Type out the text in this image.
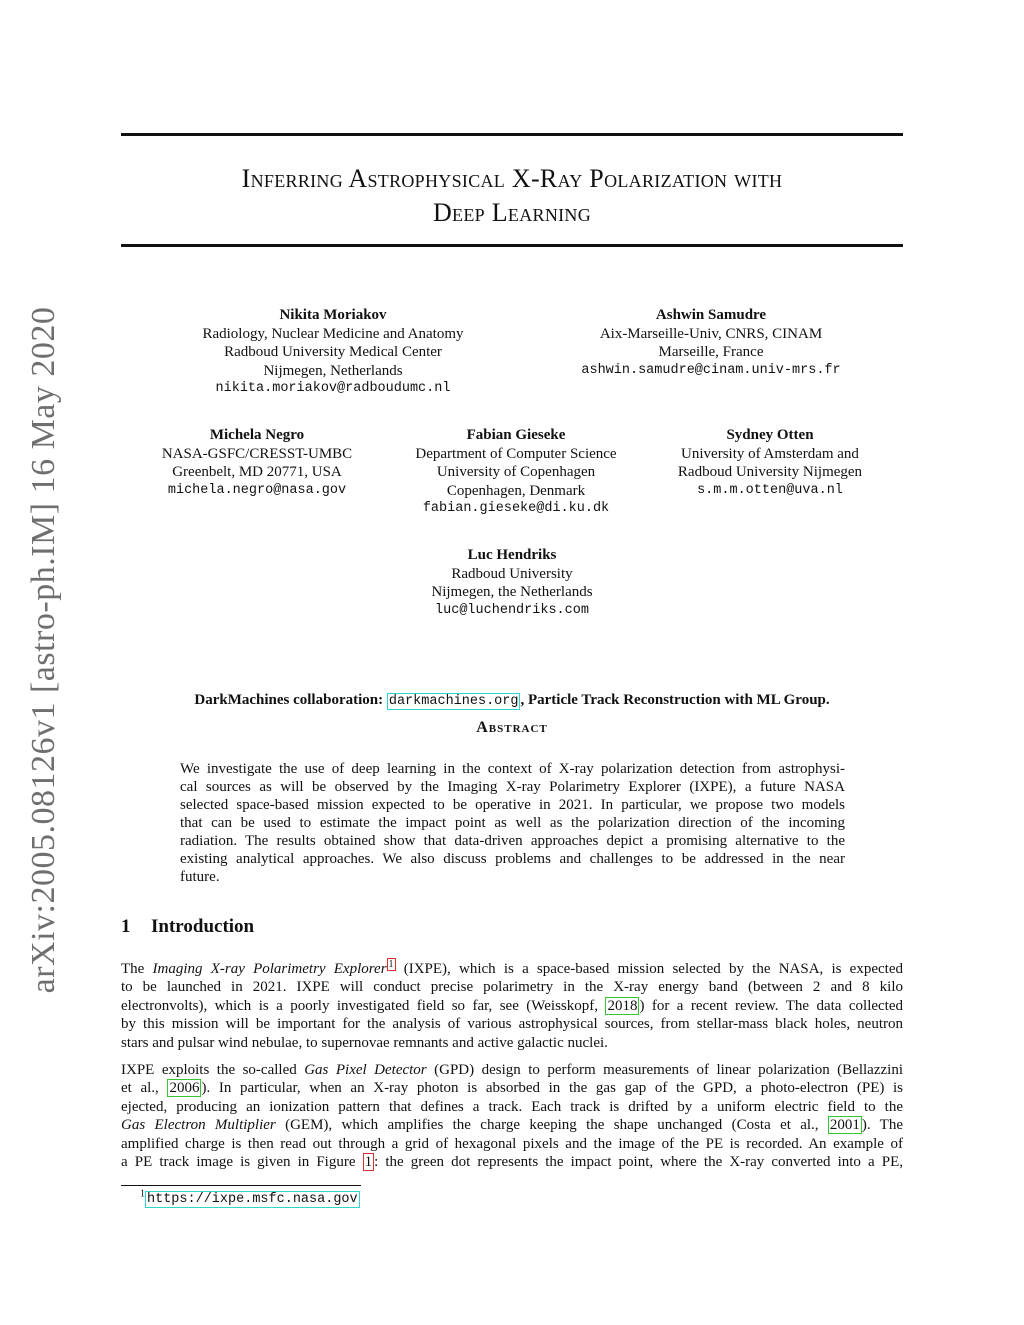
arXiv:2005.08126v1 [astro-ph.IM] 16 May 2020
Inferring Astrophysical X-Ray Polarization with
Deep Learning
Nikita Moriakov
Radiology, Nuclear Medicine and Anatomy
Radboud University Medical Center
Nijmegen, Netherlands
nikita.moriakov@radboudumc.nl
Ashwin Samudre
Aix-Marseille-Univ, CNRS, CINAM
Marseille, France
ashwin.samudre@cinam.univ-mrs.fr
Michela Negro
NASA-GSFC/CRESST-UMBC
Greenbelt, MD 20771, USA
michela.negro@nasa.gov
Fabian Gieseke
Department of Computer Science
University of Copenhagen
Copenhagen, Denmark
fabian.gieseke@di.ku.dk
Sydney Otten
University of Amsterdam and
Radboud University Nijmegen
s.m.m.otten@uva.nl
Luc Hendriks
Radboud University
Nijmegen, the Netherlands
luc@luchendriks.com
DarkMachines collaboration: darkmachines.org , Particle Track Reconstruction with ML Group.
Abstract
We investigate the use of deep learning in the context of X-ray polarization detection from astrophysi-
cal sources as will be observed by the Imaging X-ray Polarimetry Explorer (IXPE), a future NASA
selected space-based mission expected to be operative in 2021. In particular, we propose two models
that can be used to estimate the impact point as well as the polarization direction of the incoming
radiation. The results obtained show that data-driven approaches depict a promising alternative to the
existing analytical approaches. We also discuss problems and challenges to be addressed in the near
future.
1 Introduction
The Imaging X-ray Polarimetry Explorer $^1$ (IXPE), which is a space-based mission selected by the NASA, is expected
to be launched in 2021. IXPE will conduct precise polarimetry in the X-ray energy band (between 2 and 8 kilo
electronvolts), which is a poorly investigated field so far, see (Weisskopf, 2018 ) for a recent review. The data collected
by this mission will be important for the analysis of various astrophysical sources, from stellar-mass black holes, neutron
stars and pulsar wind nebulae, to supernovae remnants and active galactic nuclei.
IXPE exploits the so-called Gas Pixel Detector (GPD) design to perform measurements of linear polarization (Bellazzini
et al., 2006 ). In particular, when an X-ray photon is absorbed in the gas gap of the GPD, a photo-electron (PE) is
ejected, producing an ionization pattern that defines a track. Each track is drifted by a uniform electric field to the
Gas Electron Multiplier (GEM), which amplifies the charge keeping the shape unchanged (Costa et al., 2001 ). The
amplified charge is then read out through a grid of hexagonal pixels and the image of the PE is recorded. An example of
a PE track image is given in Figure 1 : the green dot represents the impact point, where the X-ray converted into a PE,
$^1$ https://ixpe.msfc.nasa.gov
